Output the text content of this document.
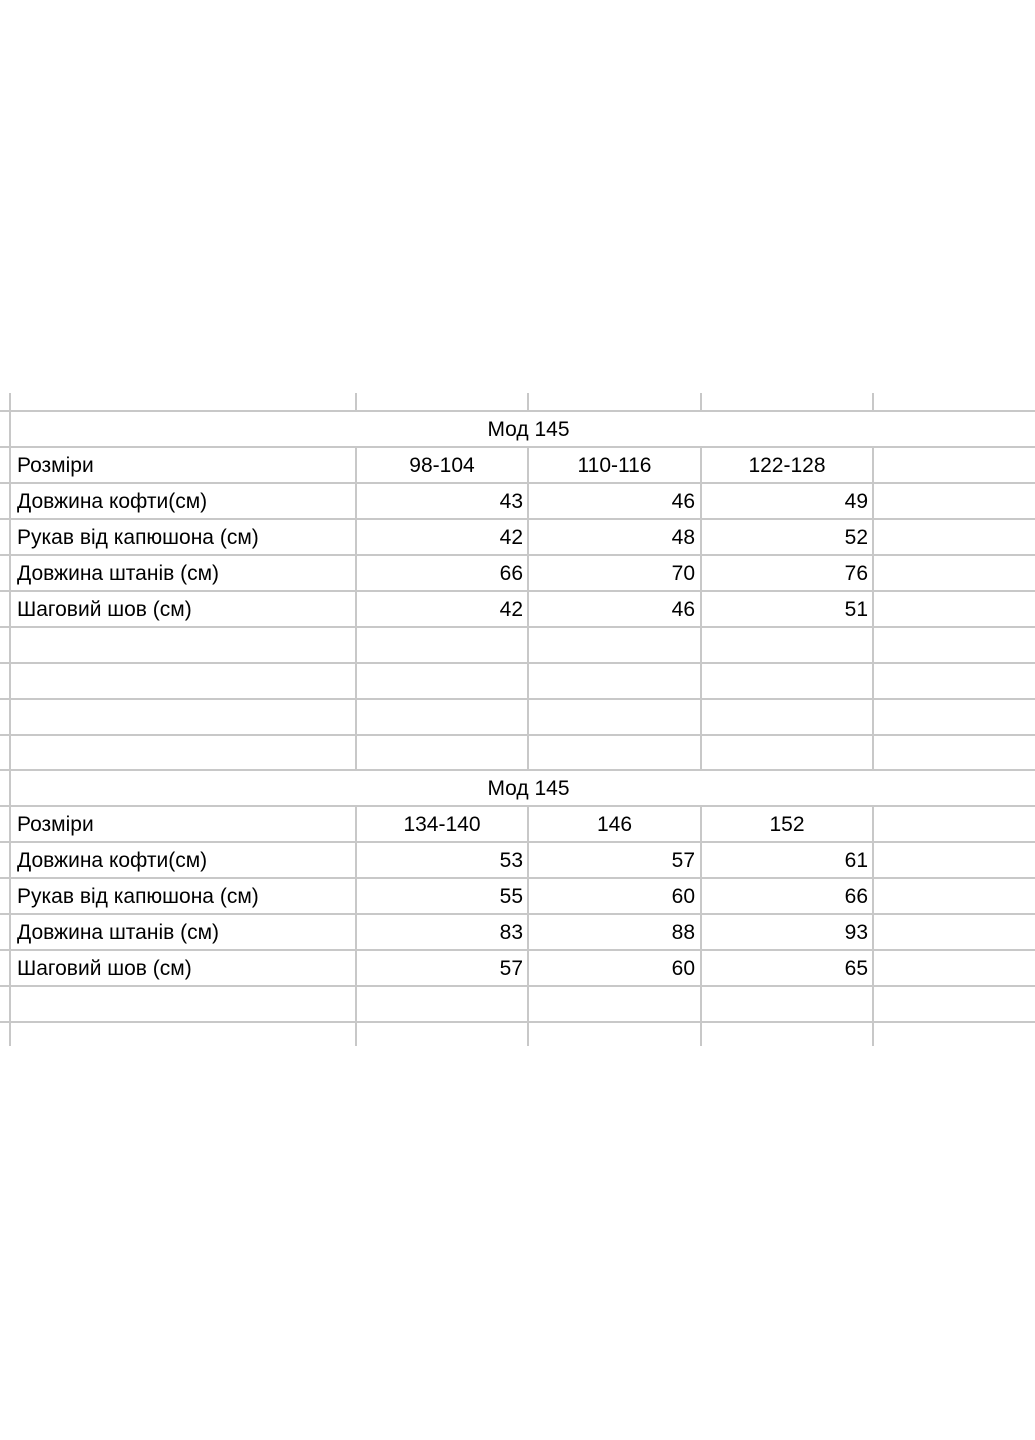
Мод 145
Розміри	98-104	110-116	122-128
Довжина кофти(см)	43	46	49
Рукав від капюшона (см)	42	48	52
Довжина штанів (см)	66	70	76
Шаговий шов (см)	42	46	51
Мод 145
Розміри	134-140	146	152
Довжина кофти(см)	53	57	61
Рукав від капюшона (см)	55	60	66
Довжина штанів (см)	83	88	93
Шаговий шов (см)	57	60	65
